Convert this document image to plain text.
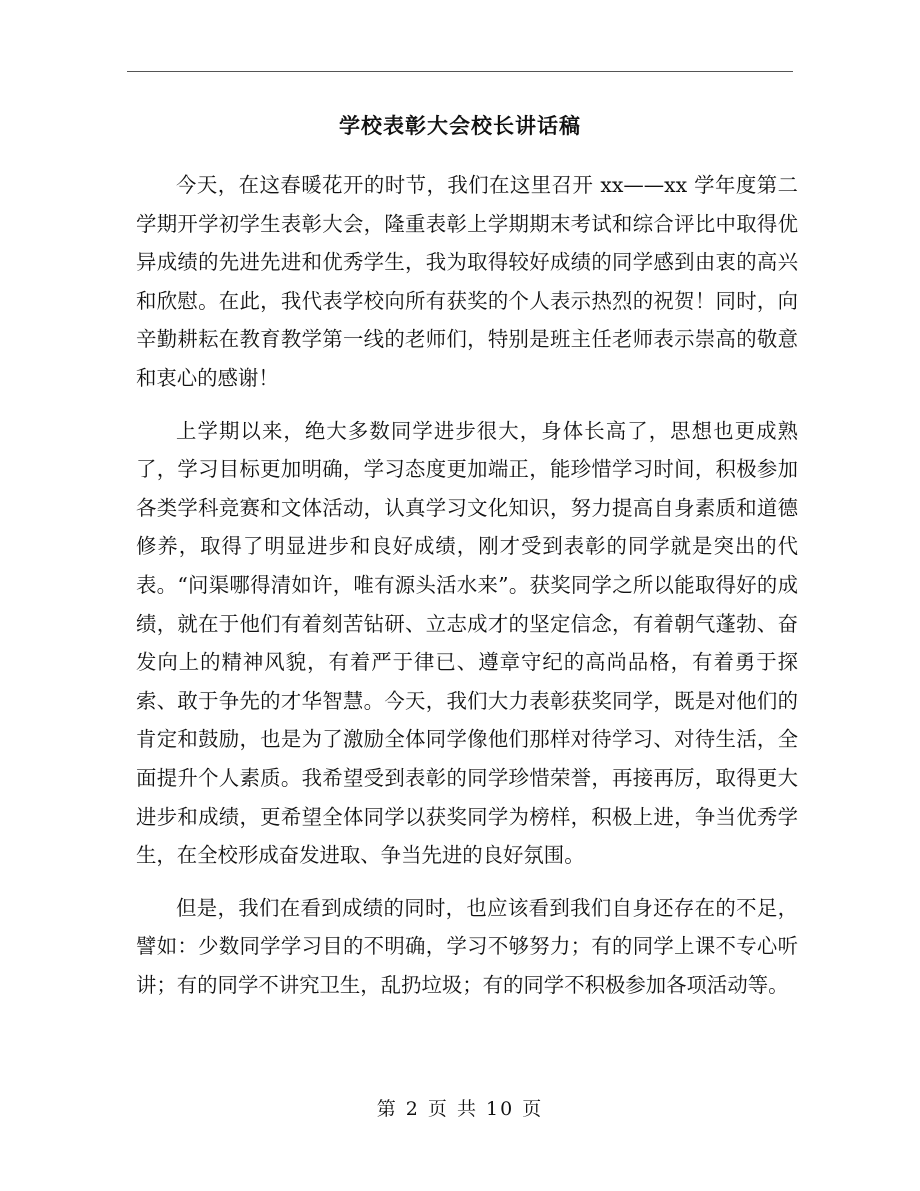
学校表彰大会校长讲话稿

今天，在这春暖花开的时节，我们在这里召开 xx——xx 学年度第二学期开学初学生表彰大会，隆重表彰上学期期末考试和综合评比中取得优异成绩的先进先进和优秀学生，我为取得较好成绩的同学感到由衷的高兴和欣慰。在此，我代表学校向所有获奖的个人表示热烈的祝贺！同时，向辛勤耕耘在教育教学第一线的老师们，特别是班主任老师表示崇高的敬意和衷心的感谢！

上学期以来，绝大多数同学进步很大，身体长高了，思想也更成熟了，学习目标更加明确，学习态度更加端正，能珍惜学习时间，积极参加各类学科竞赛和文体活动，认真学习文化知识，努力提高自身素质和道德修养，取得了明显进步和良好成绩，刚才受到表彰的同学就是突出的代表。“问渠哪得清如许，唯有源头活水来”。获奖同学之所以能取得好的成绩，就在于他们有着刻苦钻研、立志成才的坚定信念，有着朝气蓬勃、奋发向上的精神风貌，有着严于律已、遵章守纪的高尚品格，有着勇于探索、敢于争先的才华智慧。今天，我们大力表彰获奖同学，既是对他们的肯定和鼓励，也是为了激励全体同学像他们那样对待学习、对待生活，全面提升个人素质。我希望受到表彰的同学珍惜荣誉，再接再厉，取得更大进步和成绩，更希望全体同学以获奖同学为榜样，积极上进，争当优秀学生，在全校形成奋发进取、争当先进的良好氛围。

但是，我们在看到成绩的同时，也应该看到我们自身还存在的不足，譬如：少数同学学习目的不明确，学习不够努力；有的同学上课不专心听讲；有的同学不讲究卫生，乱扔垃圾；有的同学不积极参加各项活动等。

第 2 页 共 10 页
